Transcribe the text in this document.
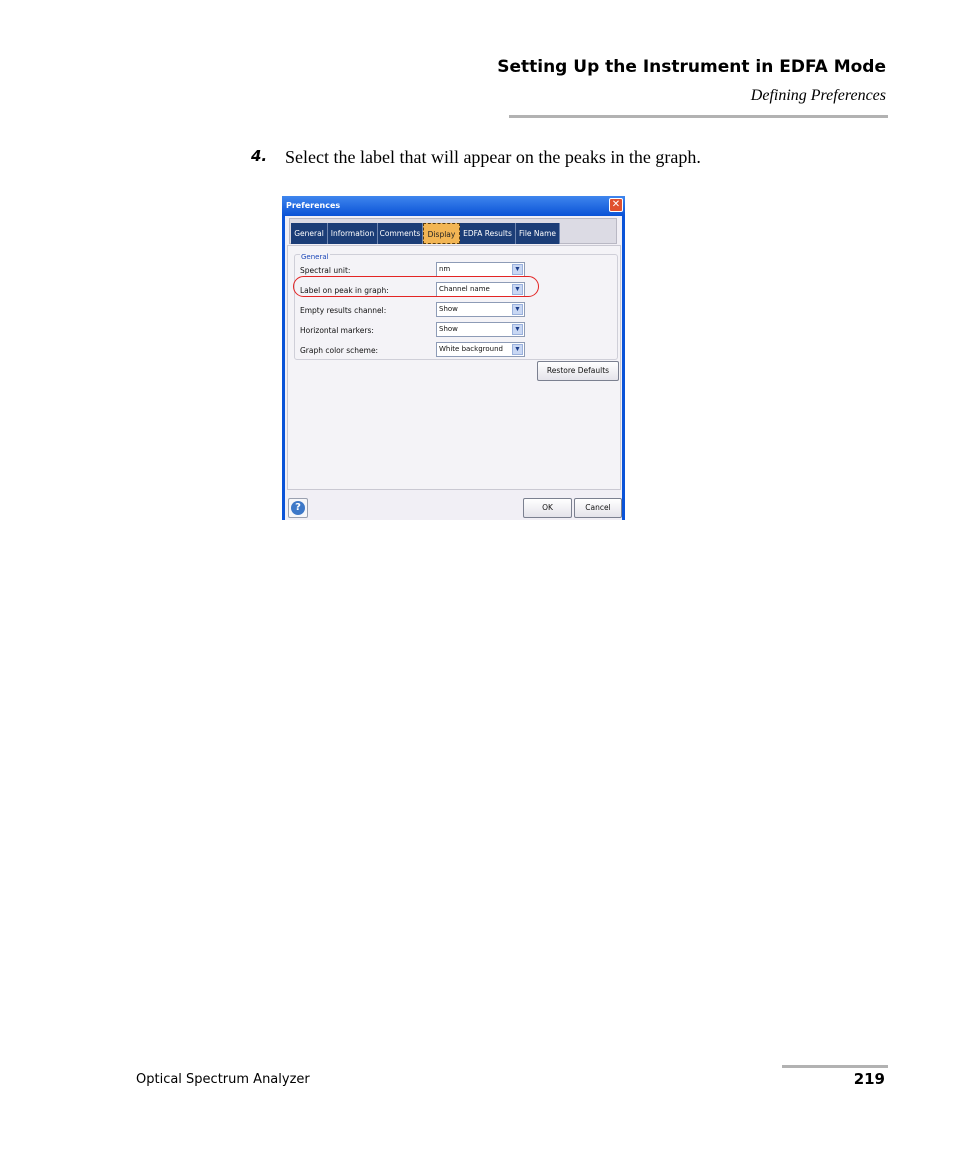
Setting Up the Instrument in EDFA Mode
Defining Preferences
4. Select the label that will appear on the peaks in the graph.
Preferences	✕
General Information Comments Display	EDFA Results File Name
General
Spectral unit:	nm	▼
Label on peak in graph:	Channel name	▼
Empty results channel:	Show	▼
Horizontal markers:	Show	▼
Graph color scheme:	White background ▼
Restore Defaults
?	OK	Cancel
Optical Spectrum Analyzer	219
